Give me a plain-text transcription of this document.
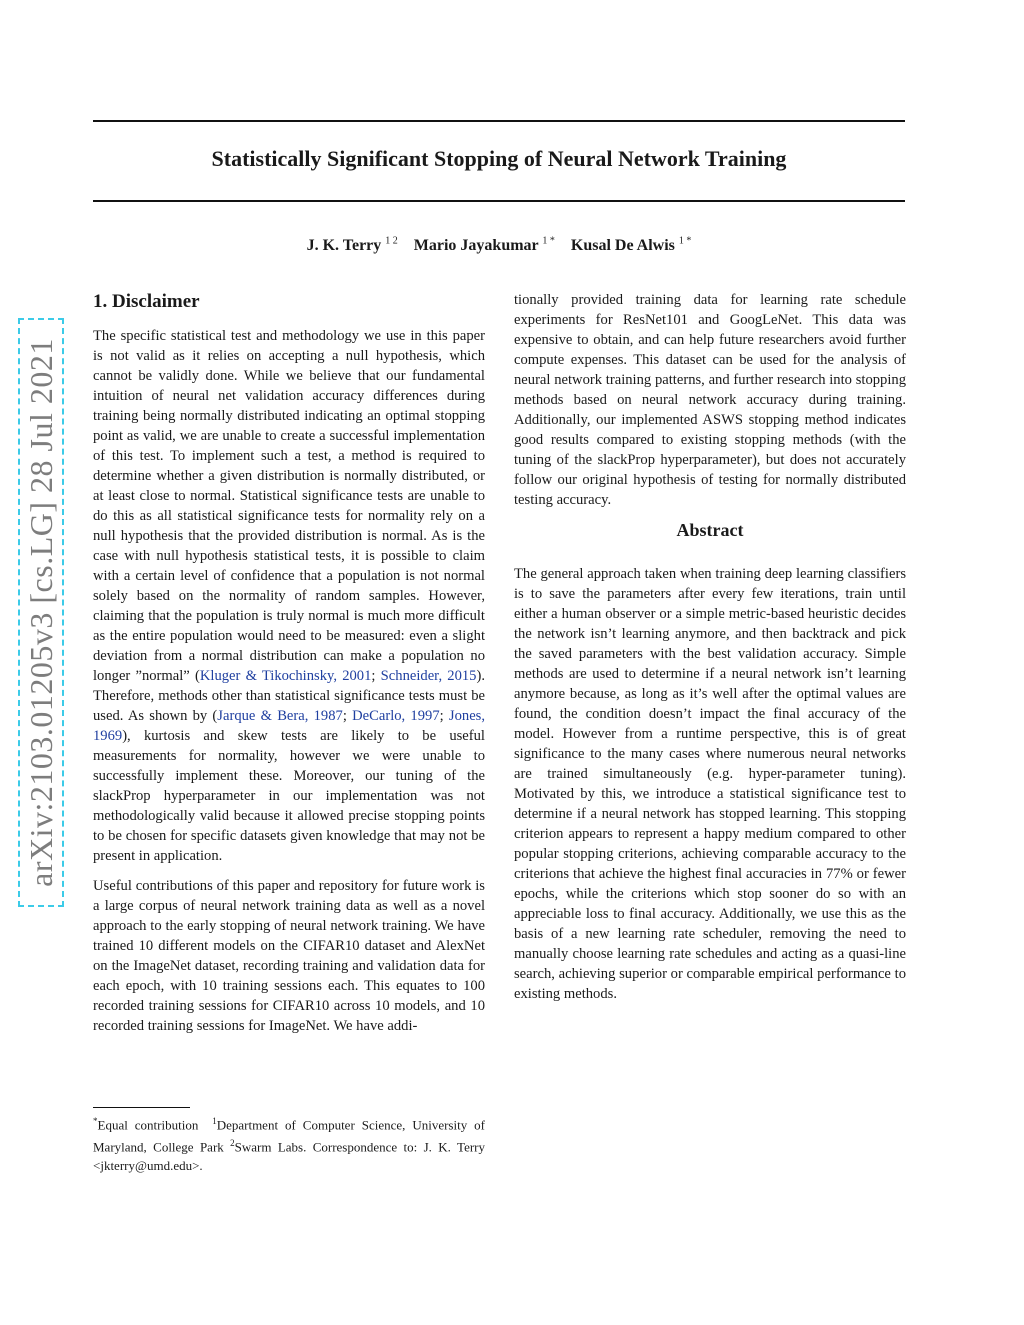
Statistically Significant Stopping of Neural Network Training
J. K. Terry $^{1 2}$ Mario Jayakumar $^{1 *}$ Kusal De Alwis $^{1 *}$
arXiv:2103.01205v3 [cs.LG] 28 Jul 2021
1. Disclaimer

The specific statistical test and methodology we use in this paper is not valid as it relies on accepting a null hypothesis, which cannot be validly done. While we believe that our fundamental intuition of neural net validation accuracy differences during training being normally distributed indicating an optimal stopping point as valid, we are unable to create a successful implementation of this test. To implement such a test, a method is required to determine whether a given distribution is normally distributed, or at least close to normal. Statistical significance tests are unable to do this as all statistical significance tests for normality rely on a null hypothesis that the provided distribution is normal. As is the case with null hypothesis statistical tests, it is possible to claim with a certain level of confidence that a population is not normal solely based on the normality of random samples. However, claiming that the population is truly normal is much more difficult as the entire population would need to be measured: even a slight deviation from a normal distribution can make a population no longer ”normal” (Kluger & Tikochinsky, 2001; Schneider, 2015). Therefore, methods other than statistical significance tests must be used. As shown by (Jarque & Bera, 1987; DeCarlo, 1997; Jones, 1969), kurtosis and skew tests are likely to be useful measurements for normality, however we were unable to successfully implement these. Moreover, our tuning of the slackProp hyperparameter in our implementation was not methodologically valid because it allowed precise stopping points to be chosen for specific datasets given knowledge that may not be present in application.

Useful contributions of this paper and repository for future work is a large corpus of neural network training data as well as a novel approach to the early stopping of neural network training. We have trained 10 different models on the CIFAR10 dataset and AlexNet on the ImageNet dataset, recording training and validation data for each epoch, with 10 training sessions each. This equates to 100 recorded training sessions for CIFAR10 across 10 models, and 10 recorded training sessions for ImageNet. We have addi-

*Equal contribution $^1$Department of Computer Science, University of Maryland, College Park $^2$Swarm Labs. Correspondence to: J. K. Terry <jkterry@umd.edu>.

tionally provided training data for learning rate schedule experiments for ResNet101 and GoogLeNet. This data was expensive to obtain, and can help future researchers avoid further compute expenses. This dataset can be used for the analysis of neural network training patterns, and further research into stopping methods based on neural network accuracy during training. Additionally, our implemented ASWS stopping method indicates good results compared to existing stopping methods (with the tuning of the slackProp hyperparameter), but does not accurately follow our original hypothesis of testing for normally distributed testing accuracy.

Abstract

The general approach taken when training deep learning classifiers is to save the parameters after every few iterations, train until either a human observer or a simple metric-based heuristic decides the network isn’t learning anymore, and then backtrack and pick the saved parameters with the best validation accuracy. Simple methods are used to determine if a neural network isn’t learning anymore because, as long as it’s well after the optimal values are found, the condition doesn’t impact the final accuracy of the model. However from a runtime perspective, this is of great significance to the many cases where numerous neural networks are trained simultaneously (e.g. hyper-parameter tuning). Motivated by this, we introduce a statistical significance test to determine if a neural network has stopped learning. This stopping criterion appears to represent a happy medium compared to other popular stopping criterions, achieving comparable accuracy to the criterions that achieve the highest final accuracies in 77% or fewer epochs, while the criterions which stop sooner do so with an appreciable loss to final accuracy. Additionally, we use this as the basis of a new learning rate scheduler, removing the need to manually choose learning rate schedules and acting as a quasi-line search, achieving superior or comparable empirical performance to existing methods.
